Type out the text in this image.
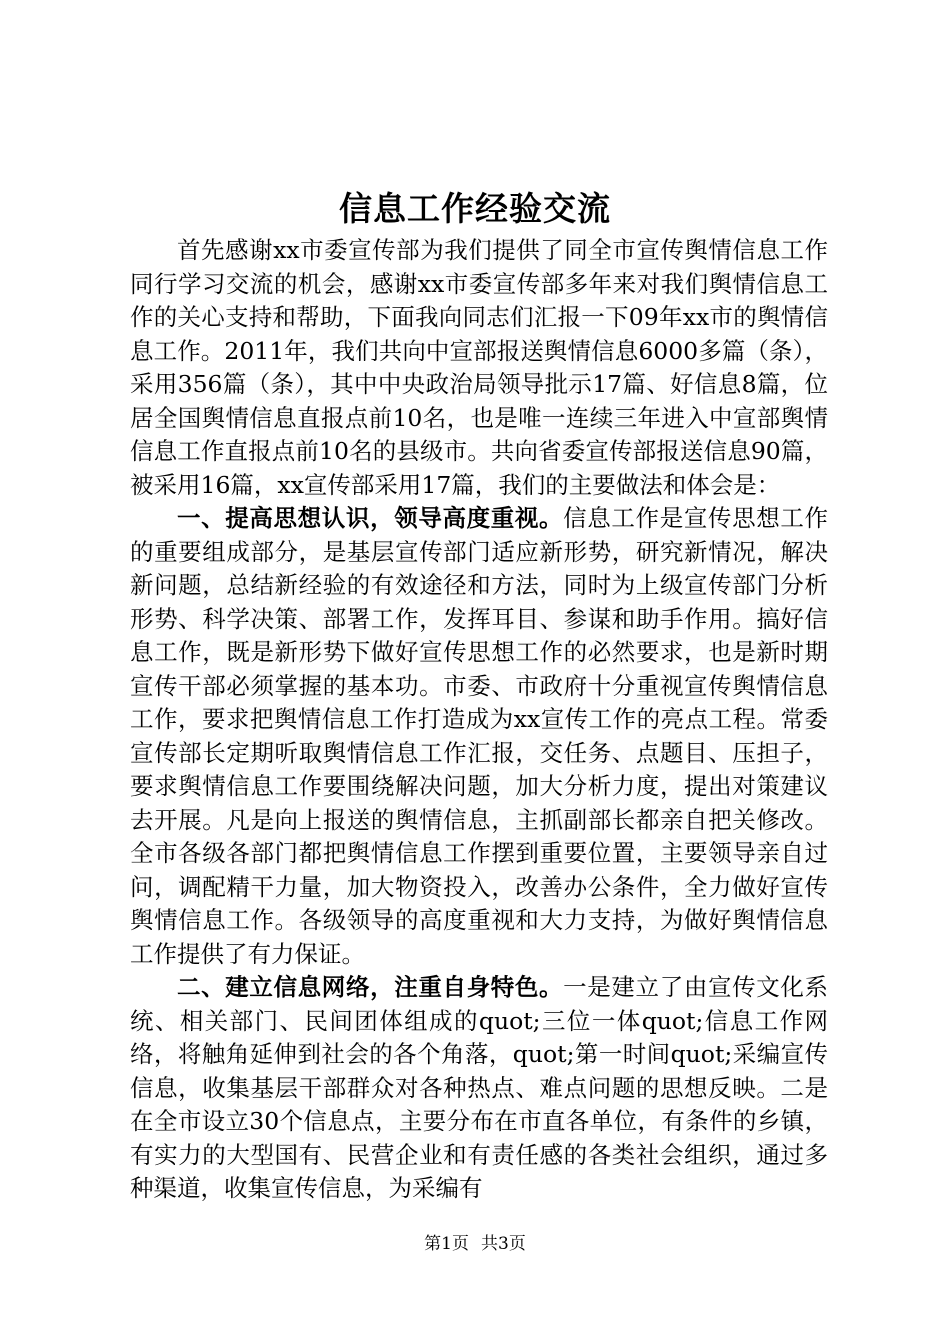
信息工作经验交流

首先感谢xx市委宣传部为我们提供了同全市宣传舆情信息工作同行学习交流的机会，感谢xx市委宣传部多年来对我们舆情信息工作的关心支持和帮助，下面我向同志们汇报一下09年xx市的舆情信息工作。2011年，我们共向中宣部报送舆情信息6000多篇（条），采用356篇（条），其中中央政治局领导批示17篇、好信息8篇，位居全国舆情信息直报点前10名，也是唯一连续三年进入中宣部舆情信息工作直报点前10名的县级市。共向省委宣传部报送信息90篇，被采用16篇，xx宣传部采用17篇，我们的主要做法和体会是：

一、提高思想认识，领导高度重视。信息工作是宣传思想工作的重要组成部分，是基层宣传部门适应新形势，研究新情况，解决新问题，总结新经验的有效途径和方法，同时为上级宣传部门分析形势、科学决策、部署工作，发挥耳目、参谋和助手作用。搞好信息工作，既是新形势下做好宣传思想工作的必然要求，也是新时期宣传干部必须掌握的基本功。市委、市政府十分重视宣传舆情信息工作，要求把舆情信息工作打造成为xx宣传工作的亮点工程。常委宣传部长定期听取舆情信息工作汇报，交任务、点题目、压担子，要求舆情信息工作要围绕解决问题，加大分析力度，提出对策建议去开展。凡是向上报送的舆情信息，主抓副部长都亲自把关修改。全市各级各部门都把舆情信息工作摆到重要位置，主要领导亲自过问，调配精干力量，加大物资投入，改善办公条件，全力做好宣传舆情信息工作。各级领导的高度重视和大力支持，为做好舆情信息工作提供了有力保证。

二、建立信息网络，注重自身特色。一是建立了由宣传文化系统、相关部门、民间团体组成的quot;三位一体quot;信息工作网络，将触角延伸到社会的各个角落，quot;第一时间quot;采编宣传信息，收集基层干部群众对各种热点、难点问题的思想反映。二是在全市设立30个信息点，主要分布在市直各单位，有条件的乡镇，有实力的大型国有、民营企业和有责任感的各类社会组织，通过多种渠道，收集宣传信息，为采编有

第1页 共3页
